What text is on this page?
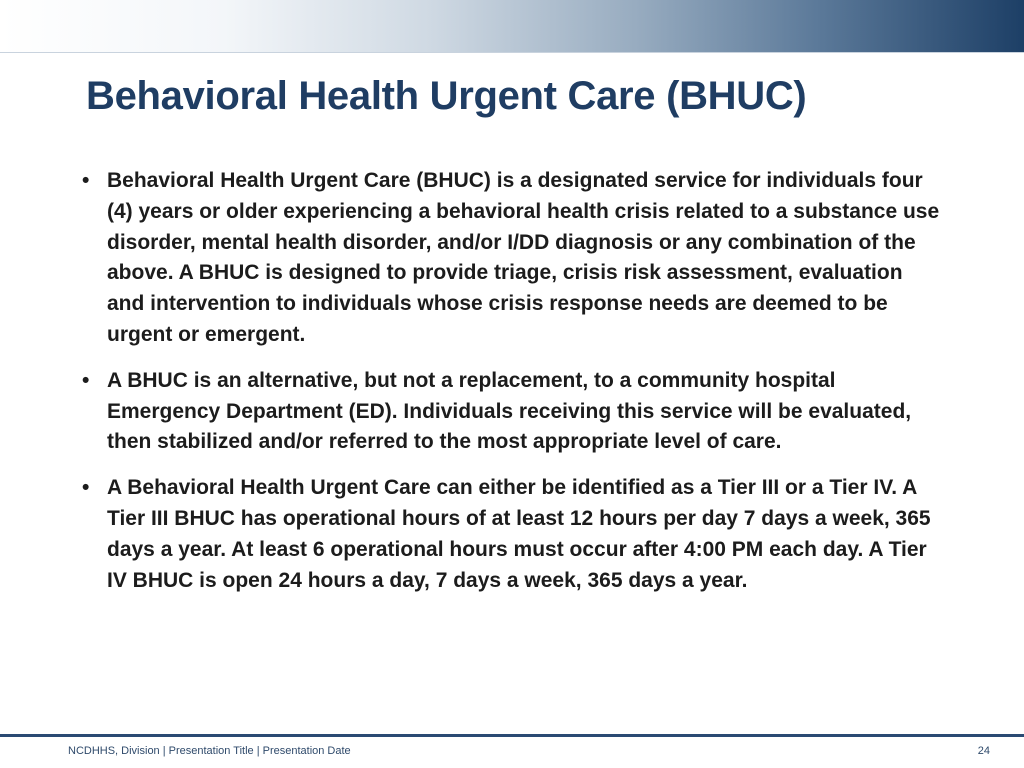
Behavioral Health Urgent Care (BHUC)
• Behavioral Health Urgent Care (BHUC) is a designated service for individuals four (4) years or older experiencing a behavioral health crisis related to a substance use disorder, mental health disorder, and/or I/DD diagnosis or any combination of the above. A BHUC is designed to provide triage, crisis risk assessment, evaluation and intervention to individuals whose crisis response needs are deemed to be urgent or emergent.
• A BHUC is an alternative, but not a replacement, to a community hospital Emergency Department (ED). Individuals receiving this service will be evaluated, then stabilized and/or referred to the most appropriate level of care.
• A Behavioral Health Urgent Care can either be identified as a Tier III or a Tier IV. A Tier III BHUC has operational hours of at least 12 hours per day 7 days a week, 365 days a year. At least 6 operational hours must occur after 4:00 PM each day. A Tier IV BHUC is open 24 hours a day, 7 days a week, 365 days a year.
NCDHHS, Division | Presentation Title | Presentation Date	24
